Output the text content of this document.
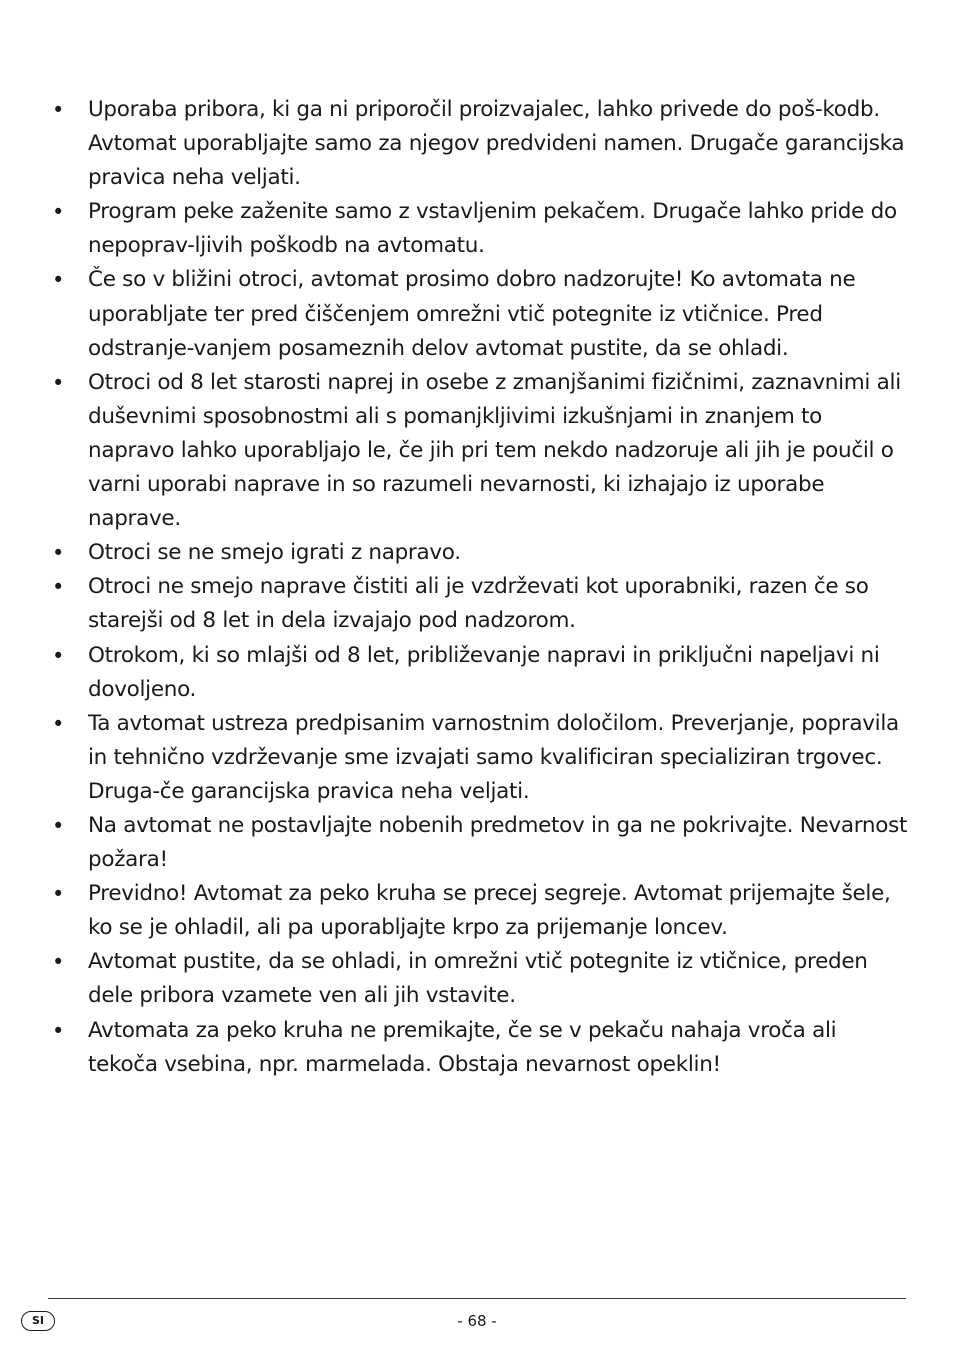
•	Uporaba pribora, ki ga ni priporočil proizvajalec, lahko privede do poš-kodb. Avtomat uporabljajte samo za njegov predvideni namen. Drugače garancijska pravica neha veljati.
•	Program peke zaženite samo z vstavljenim pekačem. Drugače lahko pride do nepoprav-ljivih poškodb na avtomatu.
•	Če so v bližini otroci, avtomat prosimo dobro nadzorujte! Ko avtomata ne uporabljate ter pred čiščenjem omrežni vtič potegnite iz vtičnice. Pred odstranje-vanjem posameznih delov avtomat pustite, da se ohladi.
•	Otroci od 8 let starosti naprej in osebe z zmanjšanimi fizičnimi, zaznavnimi ali duševnimi sposobnostmi ali s pomanjkljivimi izkušnjami in znanjem to napravo lahko uporabljajo le, če jih pri tem nekdo nadzoruje ali jih je poučil o varni uporabi naprave in so razumeli nevarnosti, ki izhajajo iz uporabe naprave.
•	Otroci se ne smejo igrati z napravo.
•	Otroci ne smejo naprave čistiti ali je vzdrževati kot uporabniki, razen če so starejši od 8 let in dela izvajajo pod nadzorom.
•	Otrokom, ki so mlajši od 8 let, približevanje napravi in priključni napeljavi ni dovoljeno.
•	Ta avtomat ustreza predpisanim varnostnim določilom. Preverjanje, popravila in tehnično vzdrževanje sme izvajati samo kvalificiran specializiran trgovec. Druga-če garancijska pravica neha veljati.
•	Na avtomat ne postavljajte nobenih predmetov in ga ne pokrivajte. Nevarnost požara!
•	Previdno! Avtomat za peko kruha se precej segreje. Avtomat prijemajte šele, ko se je ohladil, ali pa uporabljajte krpo za prijemanje loncev.
•	Avtomat pustite, da se ohladi, in omrežni vtič potegnite iz vtičnice, preden dele pribora vzamete ven ali jih vstavite.
•	Avtomata za peko kruha ne premikajte, če se v pekaču nahaja vroča ali tekoča vsebina, npr. marmelada. Obstaja nevarnost opeklin!
SI	- 68 -
